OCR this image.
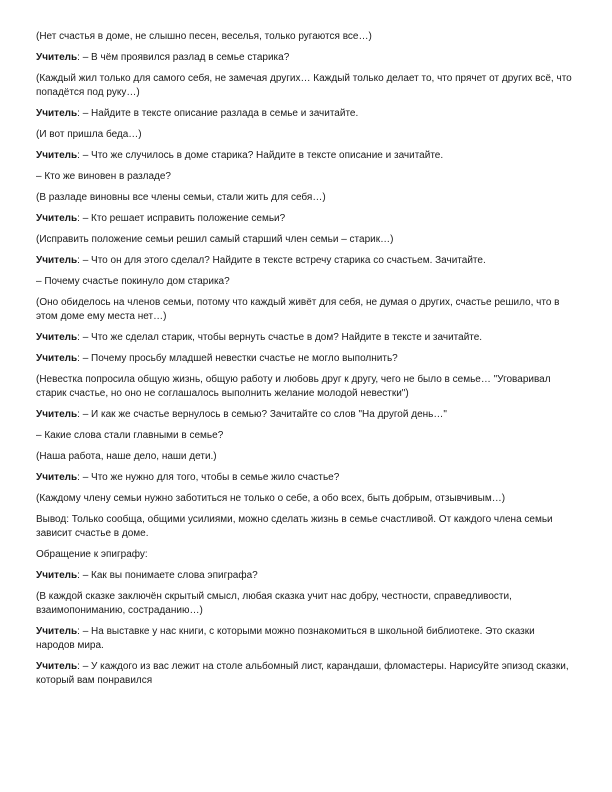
(Нет счастья в доме, не слышно песен, веселья, только ругаются все…)

Учитель: – В чём проявился разлад в семье старика?

(Каждый жил только для самого себя, не замечая других… Каждый только делает то, что прячет от других всё, что попадётся под руку…)

Учитель: – Найдите в тексте описание разлада в семье и зачитайте.

(И вот пришла беда…)

Учитель: – Что же случилось в доме старика? Найдите в тексте описание и зачитайте.

– Кто же виновен в разладе?

(В разладе виновны все члены семьи, стали жить для себя…)

Учитель: – Кто решает исправить положение семьи?

(Исправить положение семьи решил самый старший член семьи – старик…)

Учитель: – Что он для этого сделал? Найдите в тексте встречу старика со счастьем. Зачитайте.

– Почему счастье покинуло дом старика?

(Оно обиделось на членов семьи, потому что каждый живёт для себя, не думая о других, счастье решило, что в этом доме ему места нет…)

Учитель: – Что же сделал старик, чтобы вернуть счастье в дом? Найдите в тексте и зачитайте.

Учитель: – Почему просьбу младшей невестки счастье не могло выполнить?

(Невестка попросила общую жизнь, общую работу и любовь друг к другу, чего не было в семье… "Уговаривал старик счастье, но оно не соглашалось выполнить желание молодой невестки")

Учитель: – И как же счастье вернулось в семью? Зачитайте со слов "На другой день…"

– Какие слова стали главными в семье?

(Наша работа, наше дело, наши дети.)

Учитель: – Что же нужно для того, чтобы в семье жило счастье?

(Каждому члену семьи нужно заботиться не только о себе, а обо всех, быть добрым, отзывчивым…)

Вывод: Только сообща, общими усилиями, можно сделать жизнь в семье счастливой. От каждого члена семьи зависит счастье в доме.

Обращение к эпиграфу:

Учитель: – Как вы понимаете слова эпиграфа?

(В каждой сказке заключён скрытый смысл, любая сказка учит нас добру, честности, справедливости, взаимопониманию, состраданию…)

Учитель: – На выставке у нас книги, с которыми можно познакомиться в школьной библиотеке. Это сказки народов мира.

Учитель: – У каждого из вас лежит на столе альбомный лист, карандаши, фломастеры. Нарисуйте эпизод сказки, который вам понравился
